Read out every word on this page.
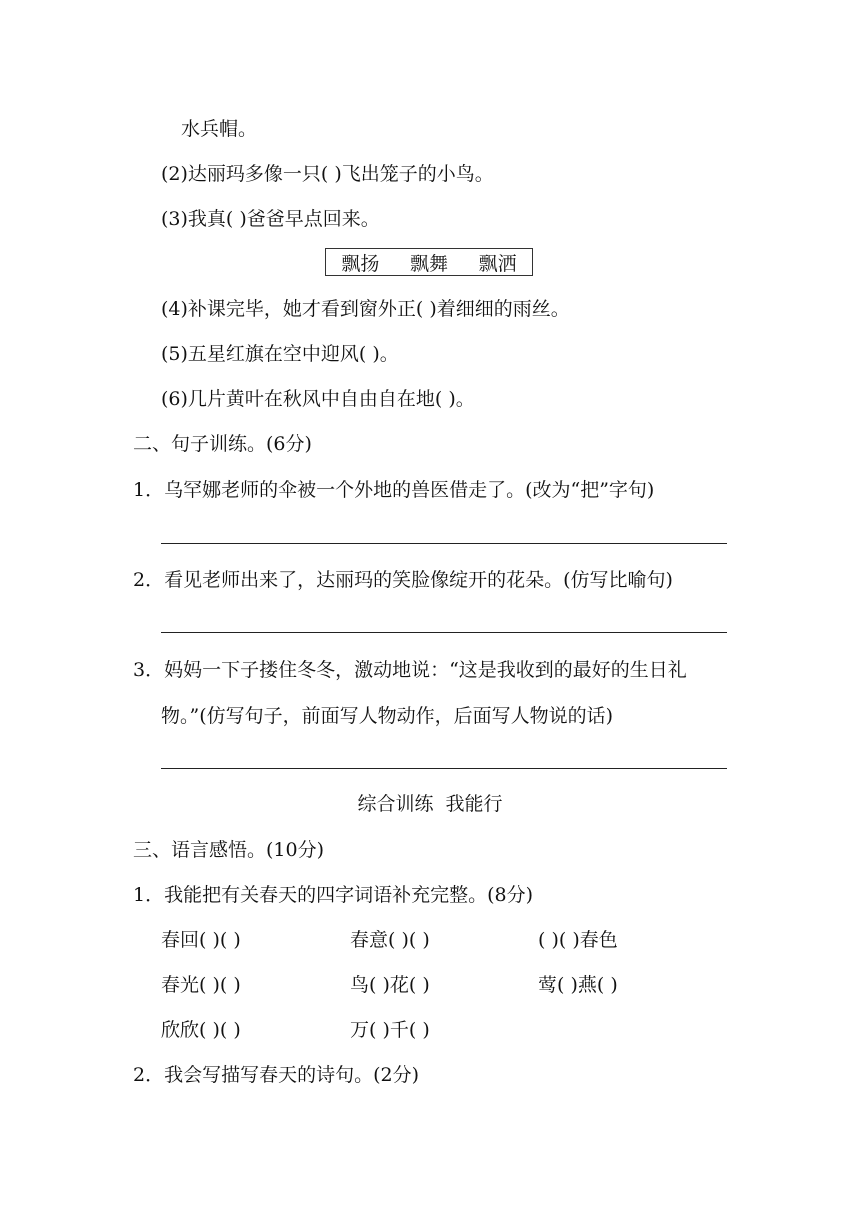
水兵帽。
(2)达丽玛多像一只( )飞出笼子的小鸟。
(3)我真( )爸爸早点回来。
飘扬 飘舞 飘洒
(4)补课完毕，她才看到窗外正( )着细细的雨丝。
(5)五星红旗在空中迎风( )。
(6)几片黄叶在秋风中自由自在地( )。
二、句子训练。(6分)
1．乌罕娜老师的伞被一个外地的兽医借走了。(改为“把”字句)
2．看见老师出来了，达丽玛的笑脸像绽开的花朵。(仿写比喻句)
3．妈妈一下子搂住冬冬，激动地说：“这是我收到的最好的生日礼
物。”(仿写句子，前面写人物动作，后面写人物说的话)
综合训练 我能行
三、语言感悟。(10分)
1．我能把有关春天的四字词语补充完整。(8分)
春回( )( )	春意( )( )	( )( )春色
春光( )( )	鸟( )花( )	莺( )燕( )
欣欣( )( )	万( )千( )
2．我会写描写春天的诗句。(2分)
